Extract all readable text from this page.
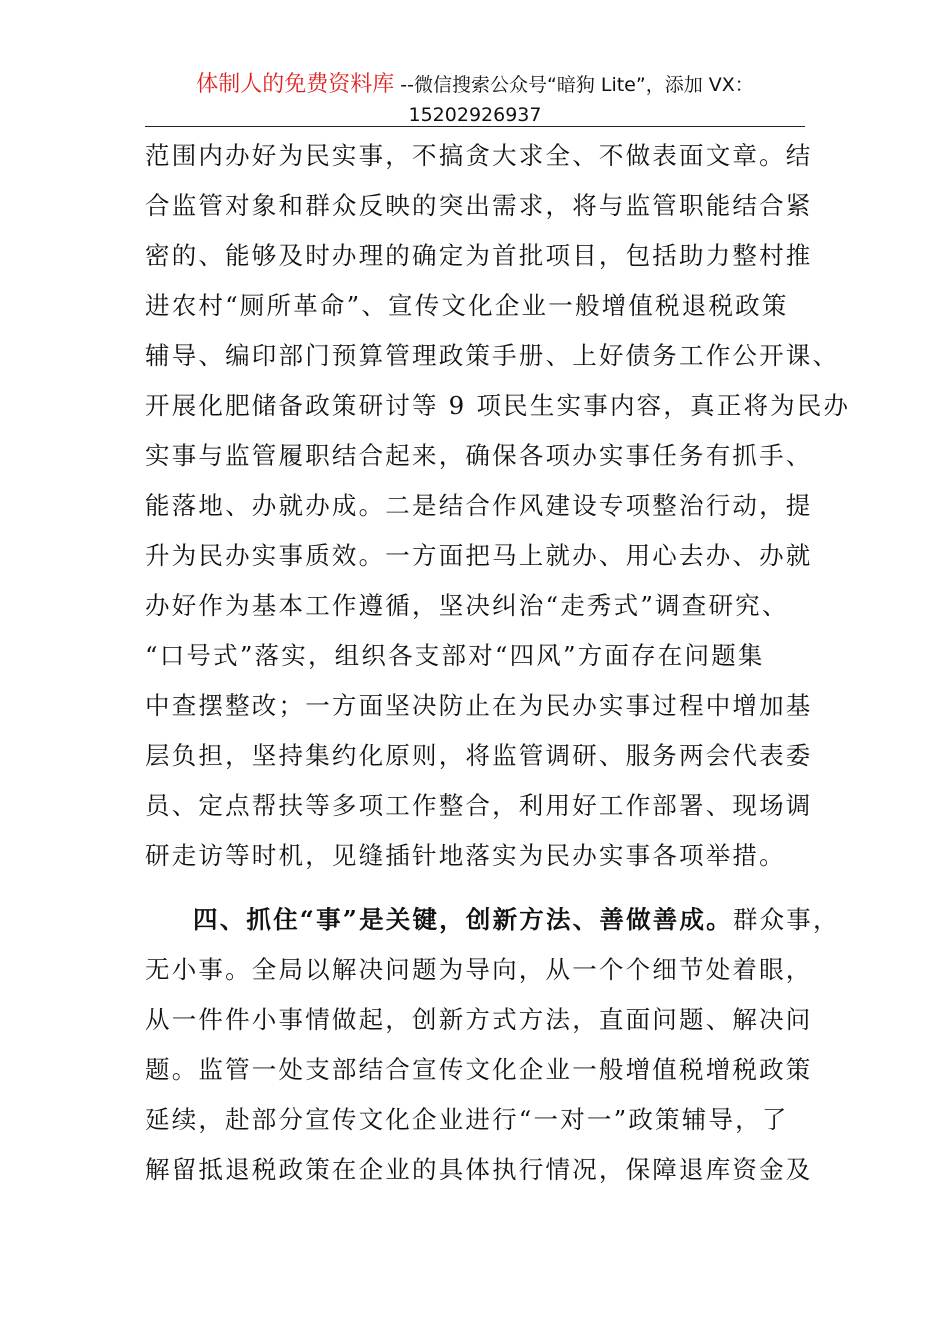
体制人的免费资料库 --微信搜索公众号“暗狗 Lite”，添加 VX：
15202926937
范围内办好为民实事，不搞贪大求全、不做表面文章。结
合监管对象和群众反映的突出需求，将与监管职能结合紧
密的、能够及时办理的确定为首批项目，包括助力整村推
进农村“厕所革命”、宣传文化企业一般增值税退税政策
辅导、编印部门预算管理政策手册、上好债务工作公开课、
开展化肥储备政策研讨等 9 项民生实事内容，真正将为民办
实事与监管履职结合起来，确保各项办实事任务有抓手、
能落地、办就办成。二是结合作风建设专项整治行动，提
升为民办实事质效。一方面把马上就办、用心去办、办就
办好作为基本工作遵循，坚决纠治“走秀式”调查研究、
“口号式”落实，组织各支部对“四风”方面存在问题集
中查摆整改；一方面坚决防止在为民办实事过程中增加基
层负担，坚持集约化原则，将监管调研、服务两会代表委
员、定点帮扶等多项工作整合，利用好工作部署、现场调
研走访等时机，见缝插针地落实为民办实事各项举措。
四、抓住“事”是关键，创新方法、善做善成。群众事，
无小事。全局以解决问题为导向，从一个个细节处着眼，
从一件件小事情做起，创新方式方法，直面问题、解决问
题。监管一处支部结合宣传文化企业一般增值税增税政策
延续，赴部分宣传文化企业进行“一对一”政策辅导，了
解留抵退税政策在企业的具体执行情况，保障退库资金及
